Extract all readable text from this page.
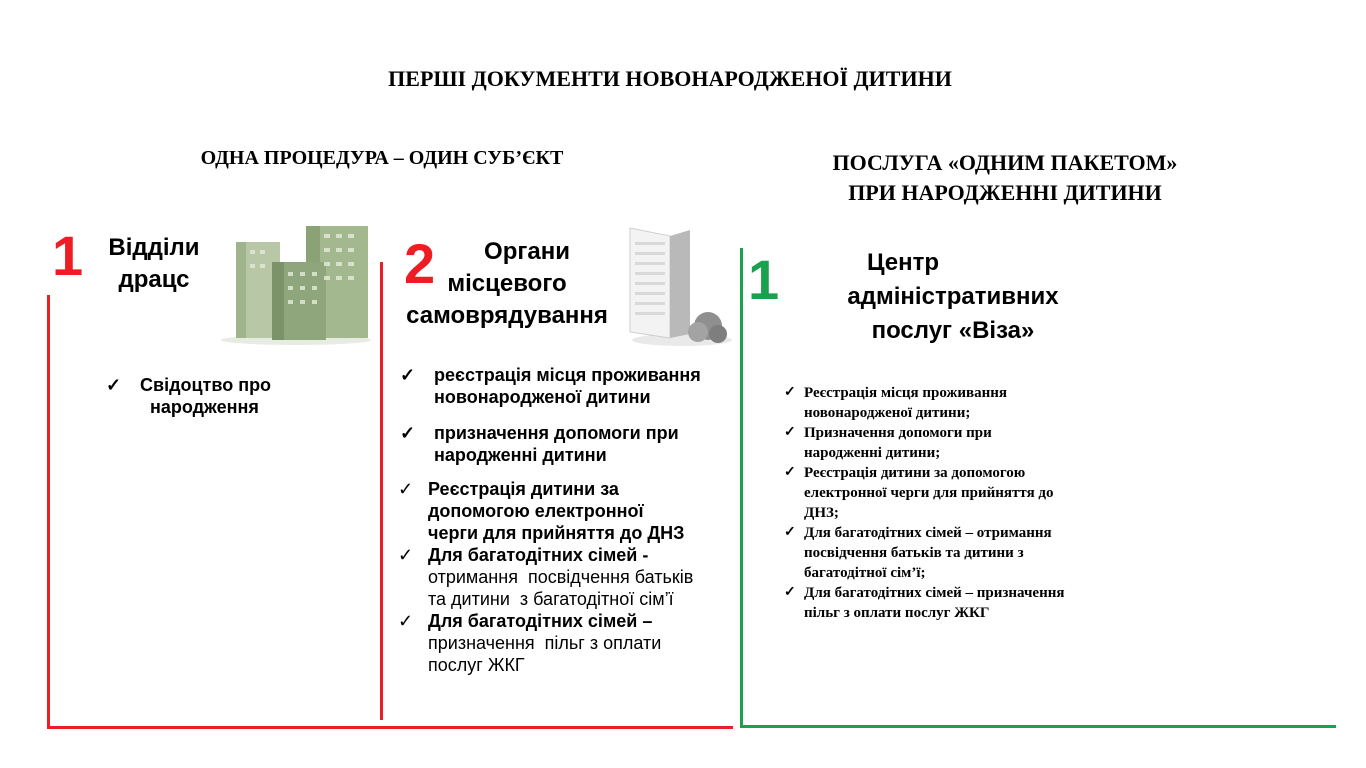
ПЕРШІ ДОКУМЕНТИ НОВОНАРОДЖЕНОЇ ДИТИНИ
ОДНА ПРОЦЕДУРА – ОДИН СУБ’ЄКТ	ПОСЛУГА «ОДНИМ ПАКЕТОМ»
ПРИ НАРОДЖЕННІ ДИТИНИ
1	Відділи
драцс
✓ Свідоцтво про
народження
2	Органи
місцевого
самоврядування
✓ реєстрація місця проживання
новонародженої дитини
✓ призначення допомоги при
народженні дитини
✓ Реєстрація дитини за
допомогою електронної
черги для прийняття до ДНЗ
✓ Для багатодітних сімей -
отримання  посвідчення батьків
та дитини  з багатодітної сім’ї
✓ Для багатодітних сімей –
призначення  пільг з оплати
послуг ЖКГ
1	Центр
адміністративних
послуг «Віза»
✓ Реєстрація місця проживання
новонародженої дитини;
✓ Призначення допомоги при
народженні дитини;
✓ Реєстрація дитини за допомогою
електронної черги для прийняття до
ДНЗ;
✓ Для багатодітних сімей – отримання
посвідчення батьків та дитини з
багатодітної сім’ї;
✓ Для багатодітних сімей – призначення
пільг з оплати послуг ЖКГ
